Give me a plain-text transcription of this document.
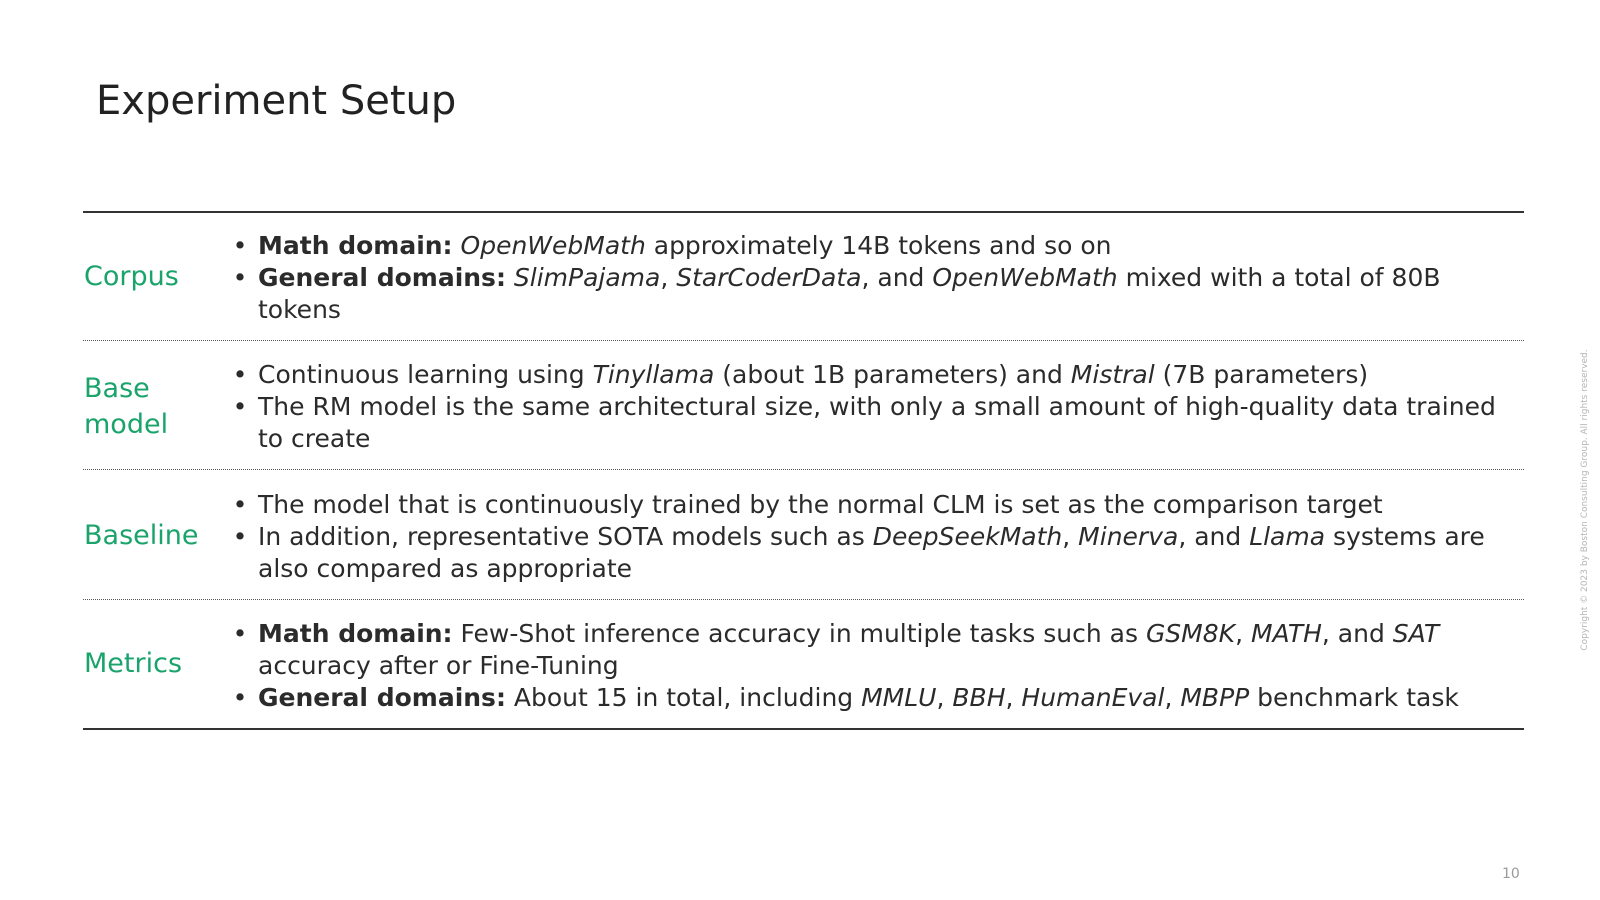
Experiment Setup
Corpus
• Math domain: OpenWebMath approximately 14B tokens and so on
• General domains: SlimPajama, StarCoderData, and OpenWebMath mixed with a total of 80B tokens
Base model
• Continuous learning using Tinyllama (about 1B parameters) and Mistral (7B parameters)
• The RM model is the same architectural size, with only a small amount of high-quality data trained to create
Baseline
• The model that is continuously trained by the normal CLM is set as the comparison target
• In addition, representative SOTA models such as DeepSeekMath, Minerva, and Llama systems are also compared as appropriate
Metrics
• Math domain: Few-Shot inference accuracy in multiple tasks such as GSM8K, MATH, and SAT accuracy after or Fine-Tuning
• General domains: About 15 in total, including MMLU, BBH, HumanEval, MBPP benchmark task
Copyright © 2023 by Boston Consulting Group. All rights reserved.
10
